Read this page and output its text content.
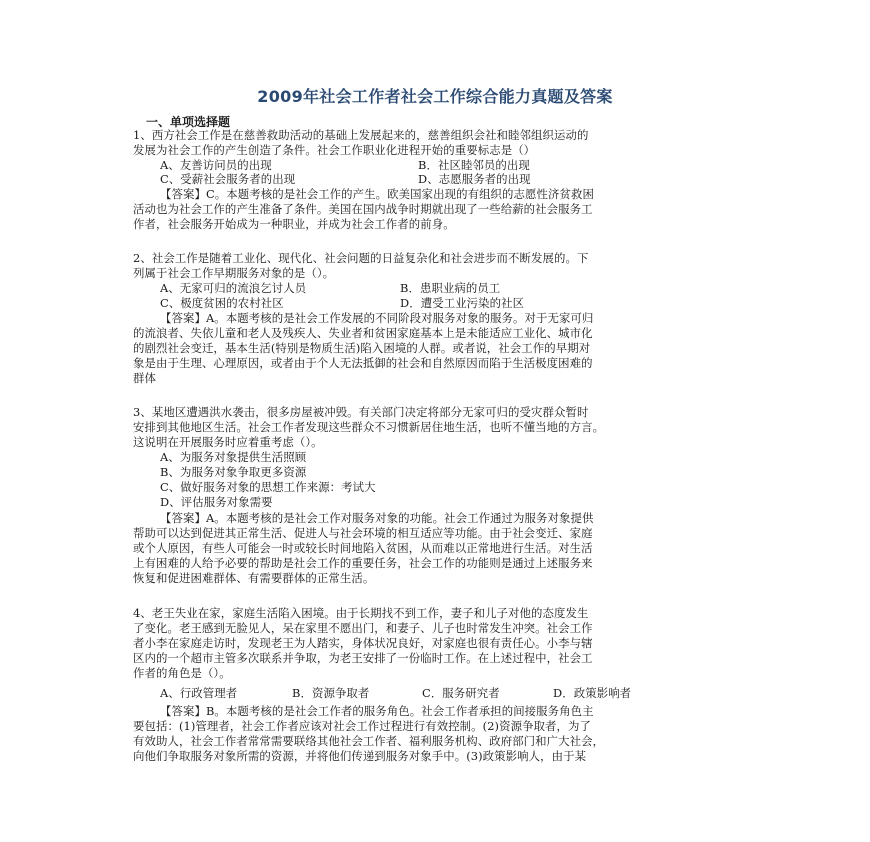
2009年社会工作者社会工作综合能力真题及答案
一、单项选择题
1、西方社会工作是在慈善救助活动的基础上发展起来的，慈善组织会社和睦邻组织运动的
发展为社会工作的产生创造了条件。社会工作职业化进程开始的重要标志是（）
A、友善访问员的出现	B．社区睦邻员的出现
C、受薪社会服务者的出现	D、志愿服务者的出现
【答案】C。本题考核的是社会工作的产生。欧美国家出现的有组织的志愿性济贫救困
活动也为社会工作的产生准备了条件。美国在国内战争时期就出现了一些给薪的社会服务工
作者，社会服务开始成为一种职业，并成为社会工作者的前身。
2、社会工作是随着工业化、现代化、社会问题的日益复杂化和社会进步而不断发展的。下
列属于社会工作早期服务对象的是（）。
A、无家可归的流浪乞讨人员	B．患职业病的员工
C、极度贫困的农村社区	D．遭受工业污染的社区
【答案】A。本题考核的是社会工作发展的不同阶段对服务对象的服务。对于无家可归
的流浪者、失依儿童和老人及残疾人、失业者和贫困家庭基本上是未能适应工业化、城市化
的剧烈社会变迁，基本生活(特别是物质生活)陷入困境的人群。或者说，社会工作的早期对
象是由于生理、心理原因，或者由于个人无法抵御的社会和自然原因而陷于生活极度困难的
群体
3、某地区遭遇洪水袭击，很多房屋被冲毁。有关部门决定将部分无家可归的受灾群众暂时
安排到其他地区生活。社会工作者发现这些群众不习惯新居住地生活，也听不懂当地的方言。
这说明在开展服务时应着重考虑（）。
A、为服务对象提供生活照顾
B、为服务对象争取更多资源
C、做好服务对象的思想工作来源：考试大
D、评估服务对象需要
【答案】A。本题考核的是社会工作对服务对象的功能。社会工作通过为服务对象提供
帮助可以达到促进其正常生活、促进人与社会环境的相互适应等功能。由于社会变迁、家庭
或个人原因，有些人可能会一时或较长时间地陷入贫困，从而难以正常地进行生活。对生活
上有困难的人给予必要的帮助是社会工作的重要任务，社会工作的功能则是通过上述服务来
恢复和促进困难群体、有需要群体的正常生活。
4、老王失业在家，家庭生活陷入困境。由于长期找不到工作，妻子和儿子对他的态度发生
了变化。老王感到无脸见人，呆在家里不愿出门，和妻子、儿子也时常发生冲突。社会工作
者小李在家庭走访时，发现老王为人踏实，身体状况良好，对家庭也很有责任心。小李与辖
区内的一个超市主管多次联系并争取，为老王安排了一份临时工作。在上述过程中，社会工
作者的角色是（）。
A、行政管理者	B．资源争取者	C．服务研究者	D．政策影响者
【答案】B。本题考核的是社会工作者的服务角色。社会工作者承担的间接服务角色主
要包括：(1)管理者，社会工作者应该对社会工作过程进行有效控制。(2)资源争取者，为了
有效助人，社会工作者常常需要联络其他社会工作者、福利服务机构、政府部门和广大社会，
向他们争取服务对象所需的资源，并将他们传递到服务对象手中。(3)政策影响人，由于某
